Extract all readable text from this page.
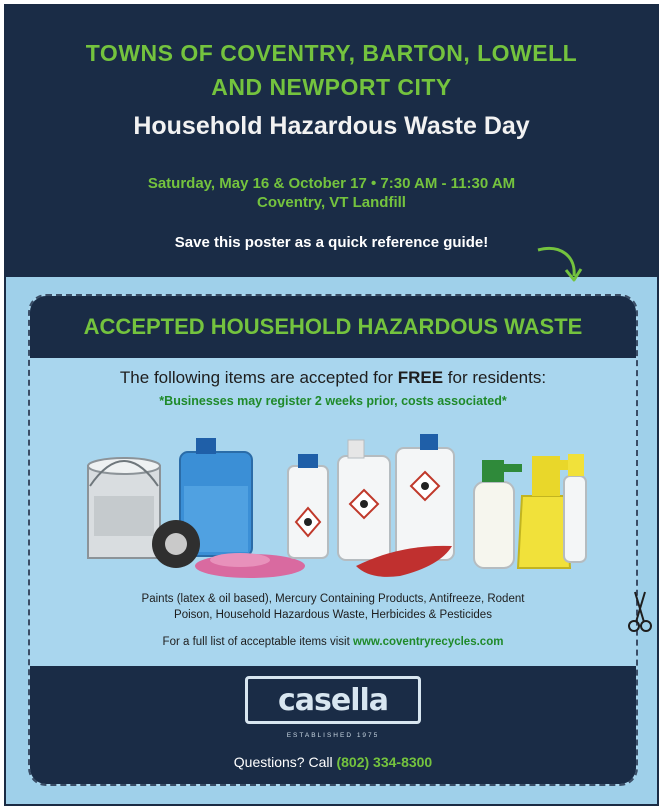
TOWNS OF COVENTRY, BARTON, LOWELL
AND NEWPORT CITY
Household Hazardous Waste Day
Saturday, May 16 & October 17 • 7:30 AM - 11:30 AM
Coventry, VT Landfill
Save this poster as a quick reference guide!
ACCEPTED HOUSEHOLD HAZARDOUS WASTE
The following items are accepted for FREE for residents:
*Businesses may register 2 weeks prior, costs associated*
Paints (latex & oil based), Mercury Containing Products, Antifreeze, Rodent
Poison, Household Hazardous Waste, Herbicides & Pesticides
For a full list of acceptable items visit www.coventryrecycles.com
casella
ESTABLISHED 1975
Questions? Call (802) 334-8300
